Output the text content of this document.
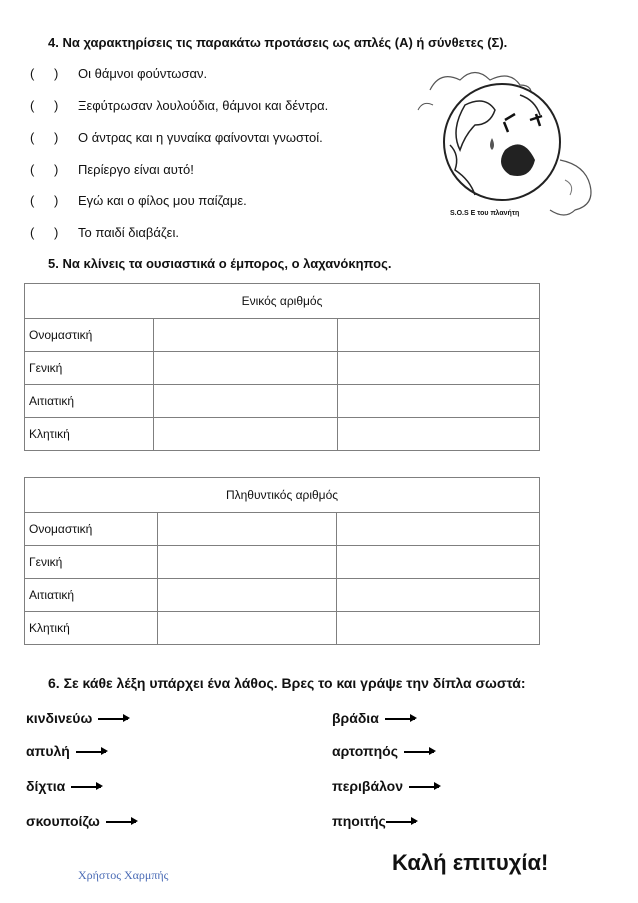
4. Να χαρακτηρίσεις τις παρακάτω προτάσεις ως απλές (Α) ή σύνθετες (Σ).
( ) Οι θάμνοι φούντωσαν.
( ) Ξεφύτρωσαν λουλούδια, θάμνοι και δέντρα.
( ) Ο άντρας και η γυναίκα φαίνονται γνωστοί.
( ) Περίεργο είναι αυτό!
( ) Εγώ και ο φίλος μου παίζαμε.
( ) Το παιδί διαβάζει.
S.O.S E του πλανήτη
5. Να κλίνεις τα ουσιαστικά ο έμπορος, ο λαχανόκηπος.
Ενικός αριθμός		
Ονομαστική		
Γενική		
Αιτιατική		
Κλητική		
Πληθυντικός αριθμός		
Ονομαστική		
Γενική		
Αιτιατική		
Κλητική		
6. Σε κάθε λέξη υπάρχει ένα λάθος. Βρες το και γράψε την δίπλα σωστά:
κινδινεύω
απυλή
δίχτια
σκουποίζω
βράδια
αρτοπηός
περιβάλον
πηοιτής
Χρήστος Χαρμπής	Καλή επιτυχία!
